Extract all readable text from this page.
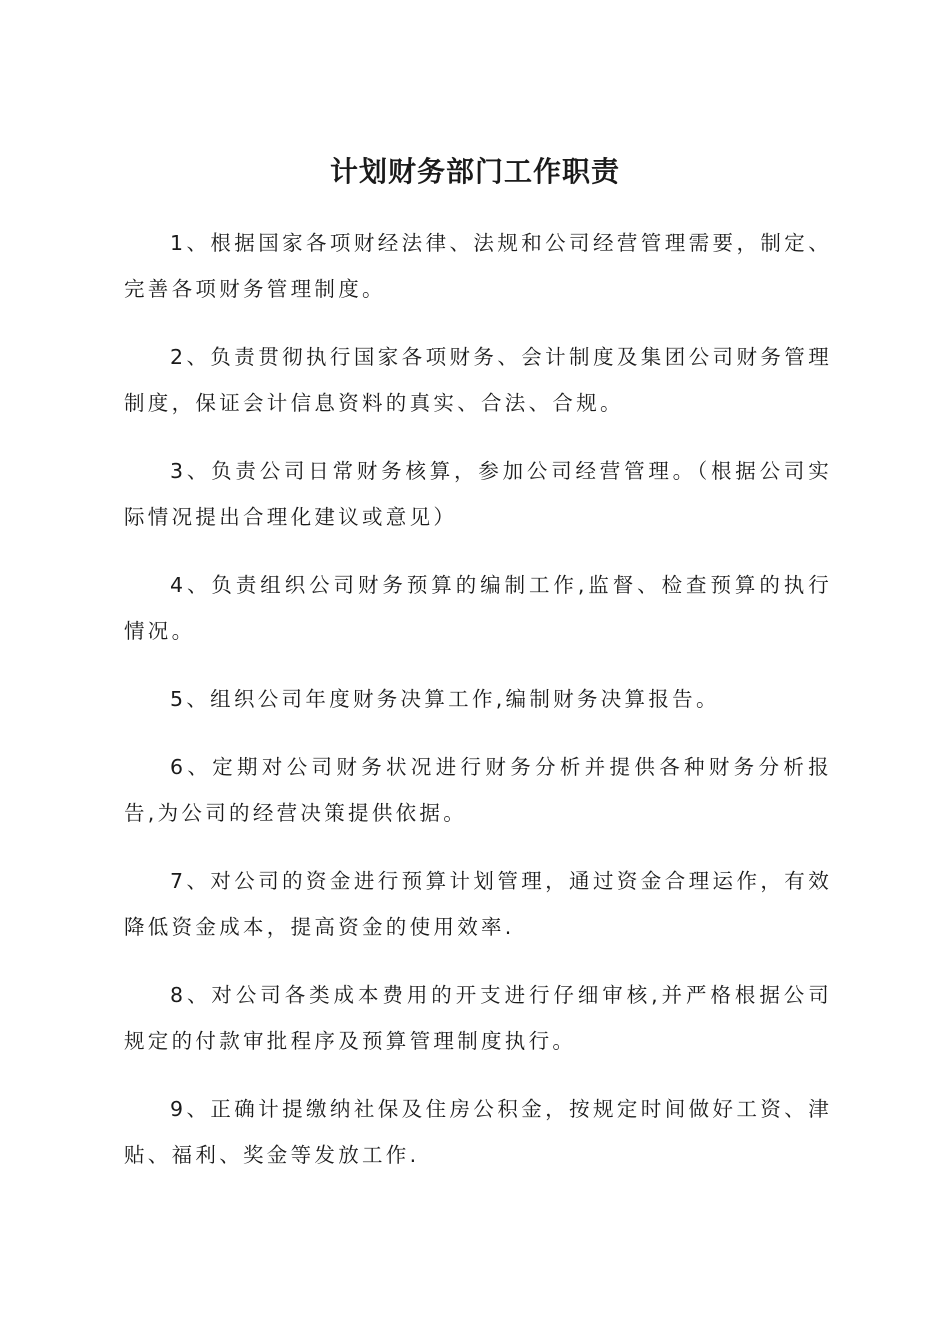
计划财务部门工作职责
1、根据国家各项财经法律、法规和公司经营管理需要，制定、完善各项财务管理制度。
2、负责贯彻执行国家各项财务、会计制度及集团公司财务管理制度，保证会计信息资料的真实、合法、合规。
3、负责公司日常财务核算，参加公司经营管理。（根据公司实际情况提出合理化建议或意见）
4、负责组织公司财务预算的编制工作,监督、检查预算的执行情况。
5、组织公司年度财务决算工作,编制财务决算报告。
6、定期对公司财务状况进行财务分析并提供各种财务分析报告,为公司的经营决策提供依据。
7、对公司的资金进行预算计划管理，通过资金合理运作，有效降低资金成本，提高资金的使用效率.
8、对公司各类成本费用的开支进行仔细审核,并严格根据公司规定的付款审批程序及预算管理制度执行。
9、正确计提缴纳社保及住房公积金，按规定时间做好工资、津贴、福利、奖金等发放工作.
